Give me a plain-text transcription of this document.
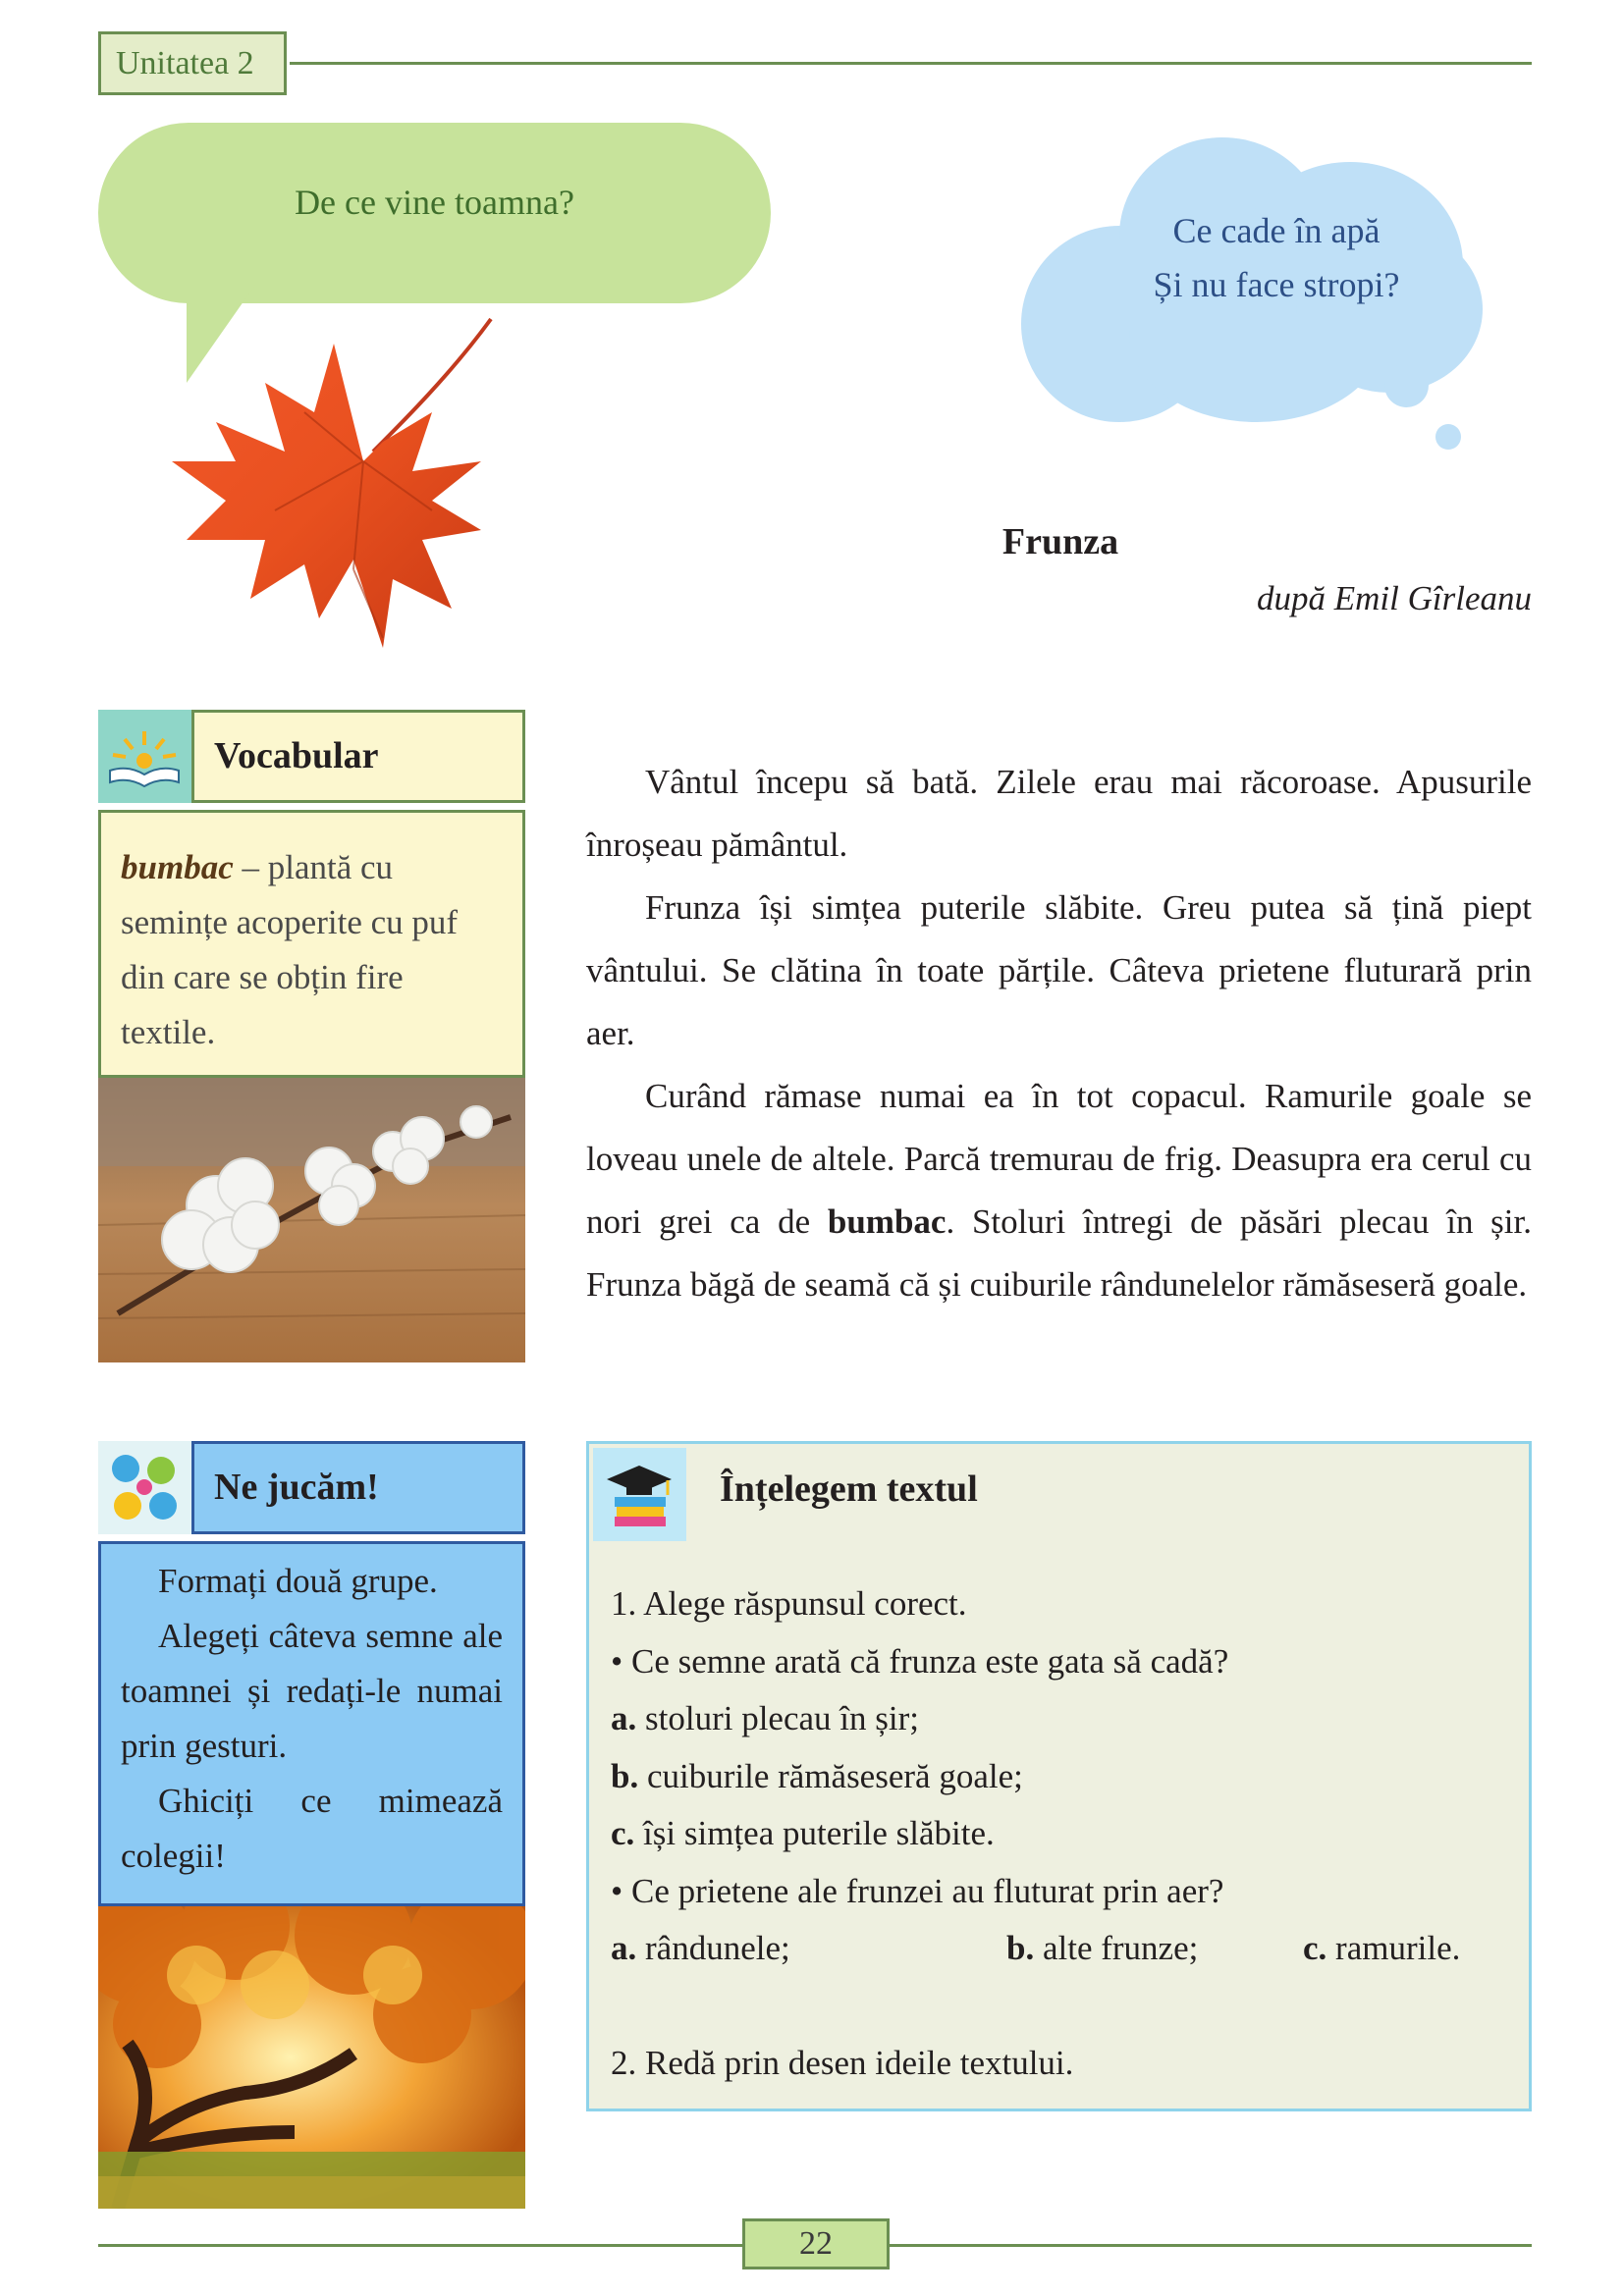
Unitatea 2
De ce vine toamna?
Ce cade în apă
Și nu face stropi?
Frunza
după Emil Gîrleanu
Vocabular
bumbac – plantă cu semințe acoperite cu puf din care se obțin fire textile.

Vântul începu să bată. Zilele erau mai răcoroase. Apusurile înroșeau pământul.

Frunza își simțea puterile slăbite. Greu putea să țină piept vântului. Se clătina în toate părțile. Câteva prietene fluturară prin aer.

Curând rămase numai ea în tot copacul. Ramurile goale se loveau unele de altele. Parcă tremurau de frig. Deasupra era cerul cu nori grei ca de bumbac. Stoluri întregi de păsări plecau în șir. Frunza băgă de seamă că și cuiburile rândunelelor rămăseseră goale.

Ne jucăm!

Formați două grupe.

Alegeți câteva semne ale toamnei și redați-le numai prin gesturi.

Ghiciți ce mimează colegii!

Înțelegem textul
1. Alege răspunsul corect.
• Ce semne arată că frunza este gata să cadă?
a. stoluri plecau în șir;
b. cuiburile rămăseseră goale;
c. își simțea puterile slăbite.
• Ce prietene ale frunzei au fluturat prin aer?
a. rândunele;	b. alte frunze;	c. ramurile.
2. Redă prin desen ideile textului.
22
